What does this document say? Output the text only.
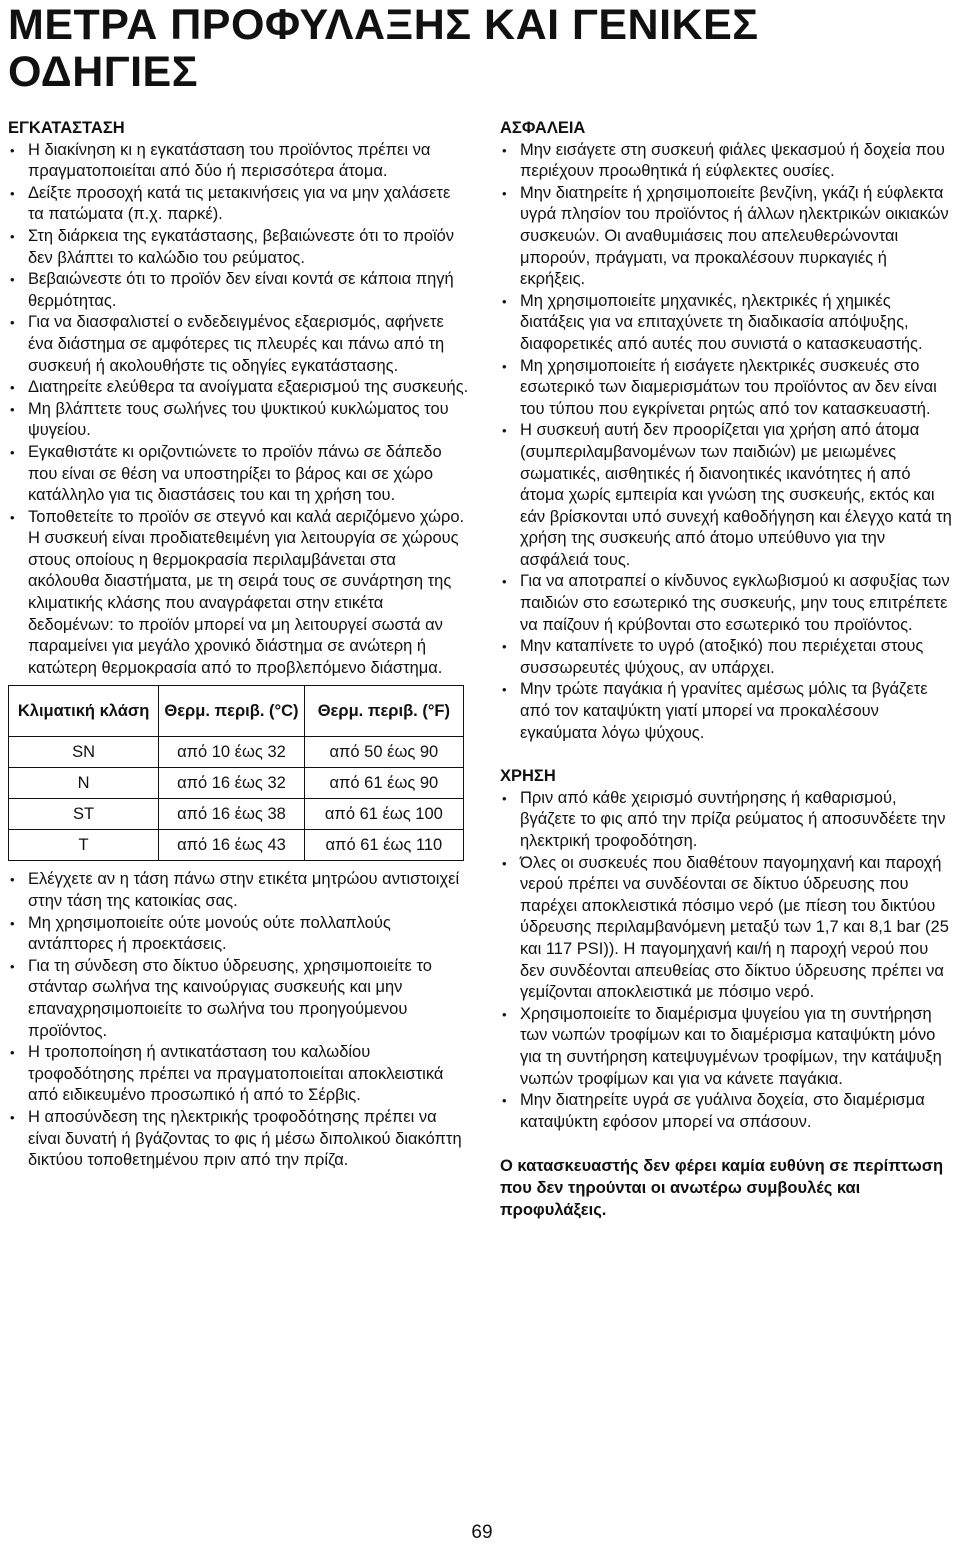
ΜΕΤΡΑ ΠΡΟΦΥΛΑΞΗΣ ΚΑΙ ΓΕΝΙΚΕΣ ΟΔΗΓΙΕΣ
ΕΓΚΑΤΑΣΤΑΣΗ
• Η διακίνηση κι η εγκατάσταση του προϊόντος πρέπει να πραγματοποιείται από δύο ή περισσότερα άτομα.
• Δείξτε προσοχή κατά τις μετακινήσεις για να μην χαλάσετε τα πατώματα (π.χ. παρκέ).
• Στη διάρκεια της εγκατάστασης, βεβαιώνεστε ότι το προϊόν δεν βλάπτει το καλώδιο του ρεύματος.
• Βεβαιώνεστε ότι το προϊόν δεν είναι κοντά σε κάποια πηγή θερμότητας.
• Για να διασφαλιστεί ο ενδεδειγμένος εξαερισμός, αφήνετε ένα διάστημα σε αμφότερες τις πλευρές και πάνω από τη συσκευή ή ακολουθήστε τις οδηγίες εγκατάστασης.
• Διατηρείτε ελεύθερα τα ανοίγματα εξαερισμού της συσκευής.
• Μη βλάπτετε τους σωλήνες του ψυκτικού κυκλώματος του ψυγείου.
• Εγκαθιστάτε κι οριζοντιώνετε το προϊόν πάνω σε δάπεδο που είναι σε θέση να υποστηρίξει το βάρος και σε χώρο κατάλληλο για τις διαστάσεις του και τη χρήση του.
• Τοποθετείτε το προϊόν σε στεγνό και καλά αεριζόμενο χώρο. Η συσκευή είναι προδιατεθειμένη για λειτουργία σε χώρους στους οποίους η θερμοκρασία περιλαμβάνεται στα ακόλουθα διαστήματα, με τη σειρά τους σε συνάρτηση της κλιματικής κλάσης που αναγράφεται στην ετικέτα δεδομένων: το προϊόν μπορεί να μη λειτουργεί σωστά αν παραμείνει για μεγάλο χρονικό διάστημα σε ανώτερη ή κατώτερη θερμοκρασία από το προβλεπόμενο διάστημα.
Κλιματική κλάση	Θερμ. περιβ. (°C)	Θερμ. περιβ. (°F)
SN	από 10 έως 32	από 50 έως 90
N	από 16 έως 32	από 61 έως 90
ST	από 16 έως 38	από 61 έως 100
T	από 16 έως 43	από 61 έως 110
• Ελέγχετε αν η τάση πάνω στην ετικέτα μητρώου αντιστοιχεί στην τάση της κατοικίας σας.
• Μη χρησιμοποιείτε ούτε μονούς ούτε πολλαπλούς αντάπτορες ή προεκτάσεις.
• Για τη σύνδεση στο δίκτυο ύδρευσης, χρησιμοποιείτε το στάνταρ σωλήνα της καινούργιας συσκευής και μην επαναχρησιμοποιείτε το σωλήνα του προηγούμενου προϊόντος.
• Η τροποποίηση ή αντικατάσταση του καλωδίου τροφοδότησης πρέπει να πραγματοποιείται αποκλειστικά από ειδικευμένο προσωπικό ή από το Σέρβις.
• Η αποσύνδεση της ηλεκτρικής τροφοδότησης πρέπει να είναι δυνατή ή βγάζοντας το φις ή μέσω διπολικού διακόπτη δικτύου τοποθετημένου πριν από την πρίζα.
ΑΣΦΑΛΕΙΑ
• Μην εισάγετε στη συσκευή φιάλες ψεκασμού ή δοχεία που περιέχουν προωθητικά ή εύφλεκτες ουσίες.
• Μην διατηρείτε ή χρησιμοποιείτε βενζίνη, γκάζι ή εύφλεκτα υγρά πλησίον του προϊόντος ή άλλων ηλεκτρικών οικιακών συσκευών. Οι αναθυμιάσεις που απελευθερώνονται μπορούν, πράγματι, να προκαλέσουν πυρκαγιές ή εκρήξεις.
• Μη χρησιμοποιείτε μηχανικές, ηλεκτρικές ή χημικές διατάξεις για να επιταχύνετε τη διαδικασία απόψυξης, διαφορετικές από αυτές που συνιστά ο κατασκευαστής.
• Μη χρησιμοποιείτε ή εισάγετε ηλεκτρικές συσκευές στο εσωτερικό των διαμερισμάτων του προϊόντος αν δεν είναι του τύπου που εγκρίνεται ρητώς από τον κατασκευαστή.
• Η συσκευή αυτή δεν προορίζεται για χρήση από άτομα (συμπεριλαμβανομένων των παιδιών) με μειωμένες σωματικές, αισθητικές ή διανοητικές ικανότητες ή από άτομα χωρίς εμπειρία και γνώση της συσκευής, εκτός και εάν βρίσκονται υπό συνεχή καθοδήγηση και έλεγχο κατά τη χρήση της συσκευής από άτομο υπεύθυνο για την ασφάλειά τους.
• Για να αποτραπεί ο κίνδυνος εγκλωβισμού κι ασφυξίας των παιδιών στο εσωτερικό της συσκευής, μην τους επιτρέπετε να παίζουν ή κρύβονται στο εσωτερικό του προϊόντος.
• Μην καταπίνετε το υγρό (ατοξικό) που περιέχεται στους συσσωρευτές ψύχους, αν υπάρχει.
• Μην τρώτε παγάκια ή γρανίτες αμέσως μόλις τα βγάζετε από τον καταψύκτη γιατί μπορεί να προκαλέσουν εγκαύματα λόγω ψύχους.
ΧΡΗΣΗ
• Πριν από κάθε χειρισμό συντήρησης ή καθαρισμού, βγάζετε το φις από την πρίζα ρεύματος ή αποσυνδέετε την ηλεκτρική τροφοδότηση.
• Όλες οι συσκευές που διαθέτουν παγομηχανή και παροχή νερού πρέπει να συνδέονται σε δίκτυο ύδρευσης που παρέχει αποκλειστικά πόσιμο νερό (με πίεση του δικτύου ύδρευσης περιλαμβανόμενη μεταξύ των 1,7 και 8,1 bar (25 και 117 PSI)). Η παγομηχανή και/ή η παροχή νερού που δεν συνδέονται απευθείας στο δίκτυο ύδρευσης πρέπει να γεμίζονται αποκλειστικά με πόσιμο νερό.
• Χρησιμοποιείτε το διαμέρισμα ψυγείου για τη συντήρηση των νωπών τροφίμων και το διαμέρισμα καταψύκτη μόνο για τη συντήρηση κατεψυγμένων τροφίμων, την κατάψυξη νωπών τροφίμων και για να κάνετε παγάκια.
• Μην διατηρείτε υγρά σε γυάλινα δοχεία, στο διαμέρισμα καταψύκτη εφόσον μπορεί να σπάσουν.

Ο κατασκευαστής δεν φέρει καμία ευθύνη σε περίπτωση που δεν τηρούνται οι ανωτέρω συμβουλές και προφυλάξεις.

69
